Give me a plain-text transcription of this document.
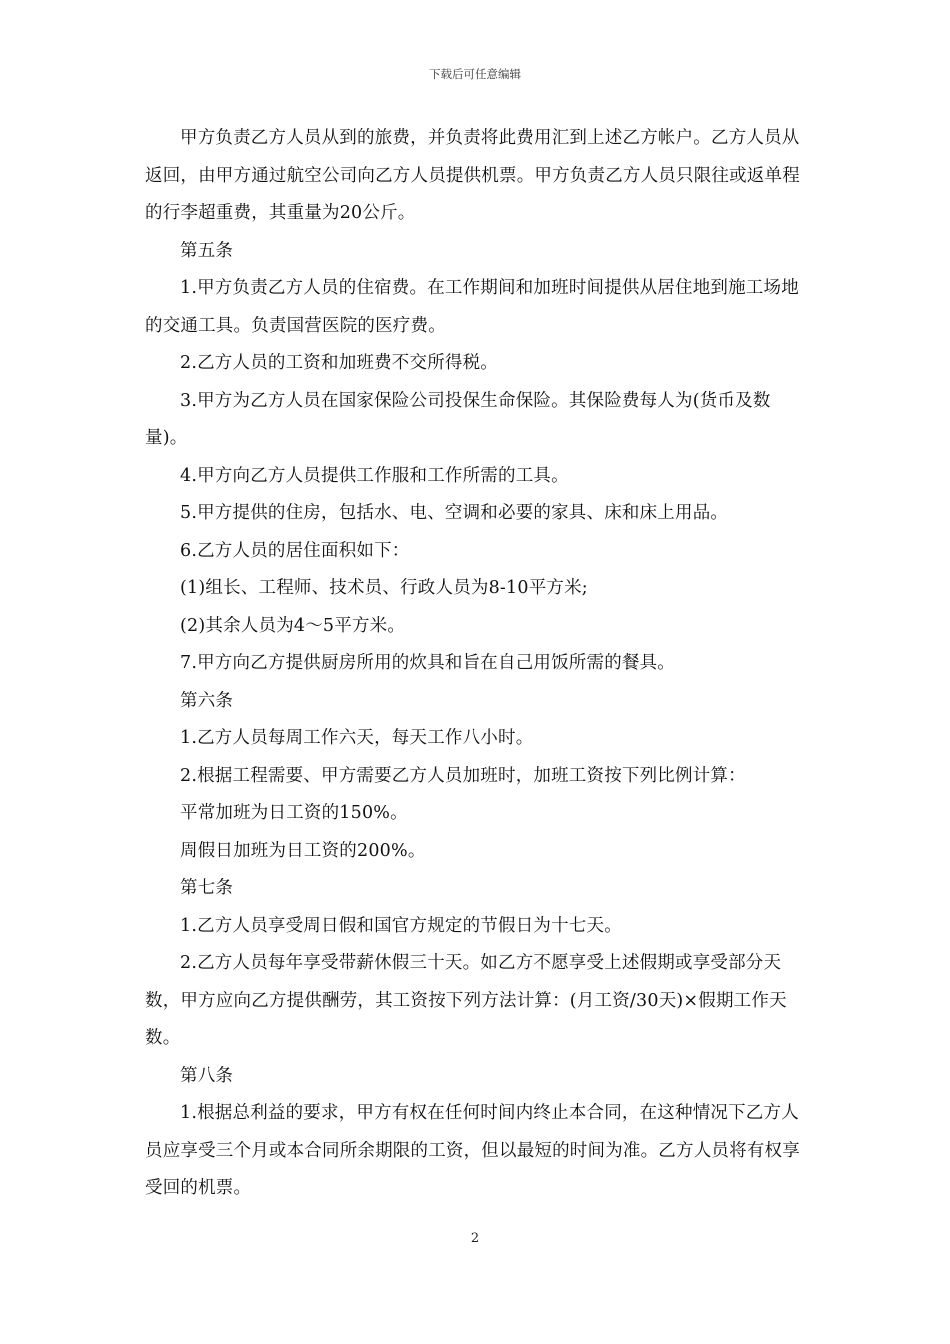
下载后可任意编辑

甲方负责乙方人员从到的旅费，并负责将此费用汇到上述乙方帐户。乙方人员从返回，由甲方通过航空公司向乙方人员提供机票。甲方负责乙方人员只限往或返单程的行李超重费，其重量为20公斤。

第五条

1.甲方负责乙方人员的住宿费。在工作期间和加班时间提供从居住地到施工场地的交通工具。负责国营医院的医疗费。

2.乙方人员的工资和加班费不交所得税。

3.甲方为乙方人员在国家保险公司投保生命保险。其保险费每人为(货币及数量)。

4.甲方向乙方人员提供工作服和工作所需的工具。

5.甲方提供的住房，包括水、电、空调和必要的家具、床和床上用品。

6.乙方人员的居住面积如下：

(1)组长、工程师、技术员、行政人员为8-10平方米;

(2)其余人员为4～5平方米。

7.甲方向乙方提供厨房所用的炊具和旨在自己用饭所需的餐具。

第六条

1.乙方人员每周工作六天，每天工作八小时。

2.根据工程需要、甲方需要乙方人员加班时，加班工资按下列比例计算：

平常加班为日工资的150%。

周假日加班为日工资的200%。

第七条

1.乙方人员享受周日假和国官方规定的节假日为十七天。

2.乙方人员每年享受带薪休假三十天。如乙方不愿享受上述假期或享受部分天数，甲方应向乙方提供酬劳，其工资按下列方法计算：(月工资/30天)×假期工作天数。

第八条

1.根据总利益的要求，甲方有权在任何时间内终止本合同，在这种情况下乙方人员应享受三个月或本合同所余期限的工资，但以最短的时间为准。乙方人员将有权享受回的机票。

2
